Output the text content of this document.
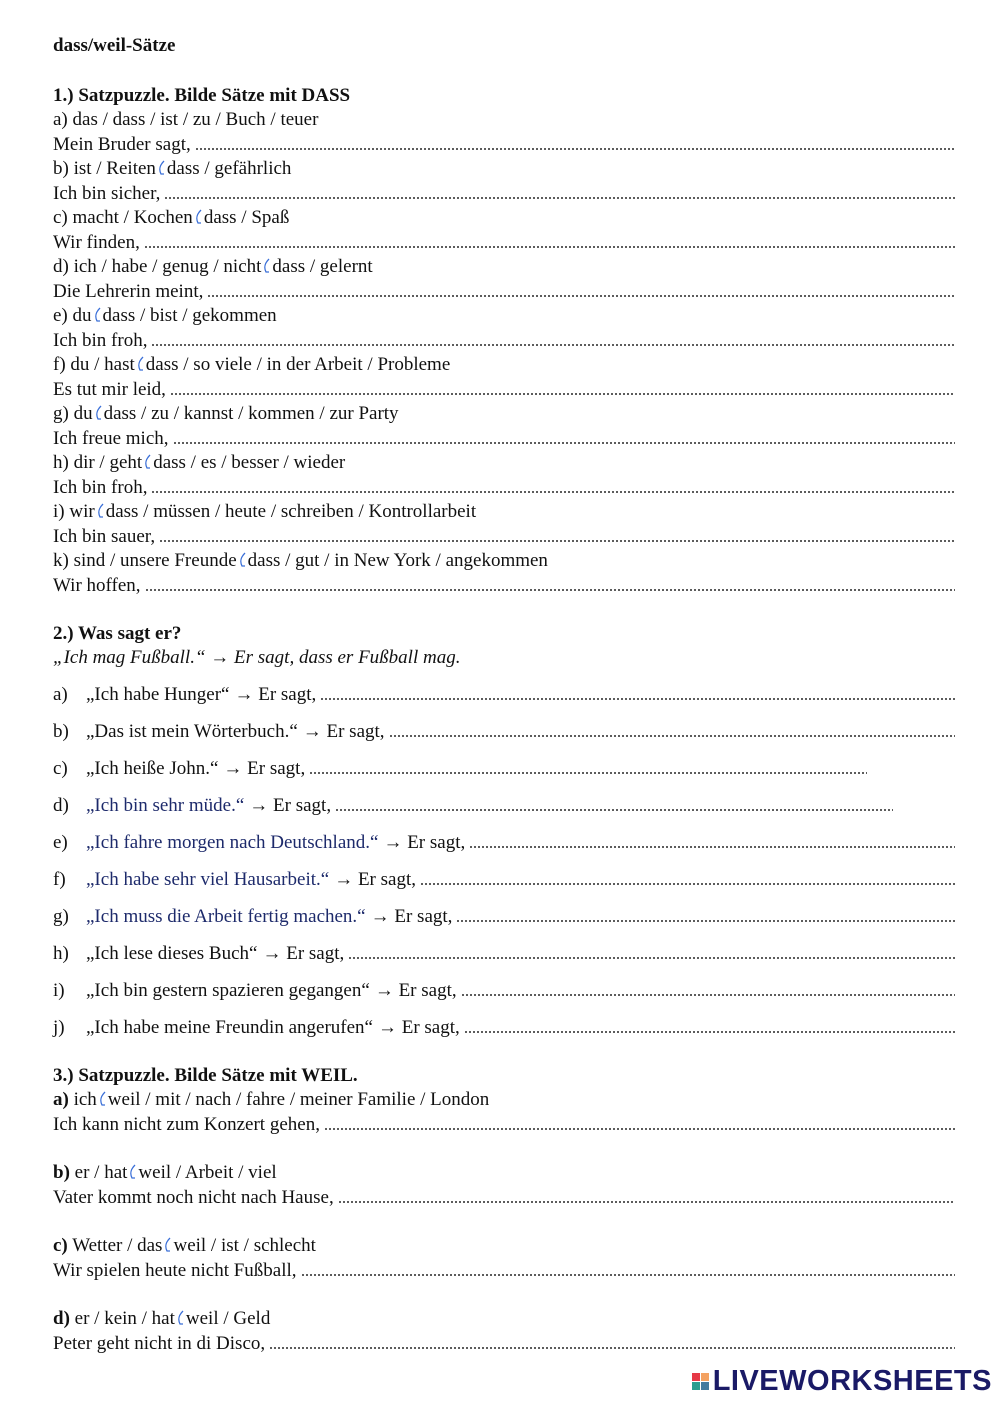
dass/weil-Sätze

1.) Satzpuzzle. Bilde Sätze mit DASS

a) das / dass / ist / zu / Buch / teuer
Mein Bruder sagt,
b) ist / Reiten dass / gefährlich
Ich bin sicher,
c) macht / Kochen dass / Spaß
Wir finden,
d) ich / habe / genug / nicht dass / gelernt
Die Lehrerin meint,
e) du dass / bist / gekommen
Ich bin froh,
f) du / hast dass / so viele / in der Arbeit / Probleme
Es tut mir leid,
g) du dass / zu / kannst / kommen / zur Party
Ich freue mich,
h) dir / geht dass / es / besser / wieder
Ich bin froh,
i) wir dass / müssen / heute / schreiben / Kontrollarbeit
Ich bin sauer,
k) sind / unsere Freunde dass / gut / in New York / angekommen
Wir hoffen,

2.) Was sagt er?

„Ich mag Fußball.“ → Er sagt, dass er Fußball mag.
a) „Ich habe Hunger“ → Er sagt,
b) „Das ist mein Wörterbuch.“ → Er sagt,
c) „Ich heiße John.“ → Er sagt,
d) „Ich bin sehr müde.“ → Er sagt,
e) „Ich fahre morgen nach Deutschland.“ → Er sagt,
f)	„Ich habe sehr viel Hausarbeit.“ → Er sagt,
g) „Ich muss die Arbeit fertig machen.“ → Er sagt,
h) „Ich lese dieses Buch“ → Er sagt,
i)	„Ich bin gestern spazieren gegangen“ → Er sagt,
j)	„Ich habe meine Freundin angerufen“ → Er sagt,

3.) Satzpuzzle. Bilde Sätze mit WEIL.

a) ich weil / mit / nach / fahre / meiner Familie / London
Ich kann nicht zum Konzert gehen,
b) er / hat weil / Arbeit / viel
Vater kommt noch nicht nach Hause,
c) Wetter / das weil / ist / schlecht
Wir spielen heute nicht Fußball,
d) er / kein / hat weil / Geld
Peter geht nicht in di Disco,
LIVEWORKSHEETS
